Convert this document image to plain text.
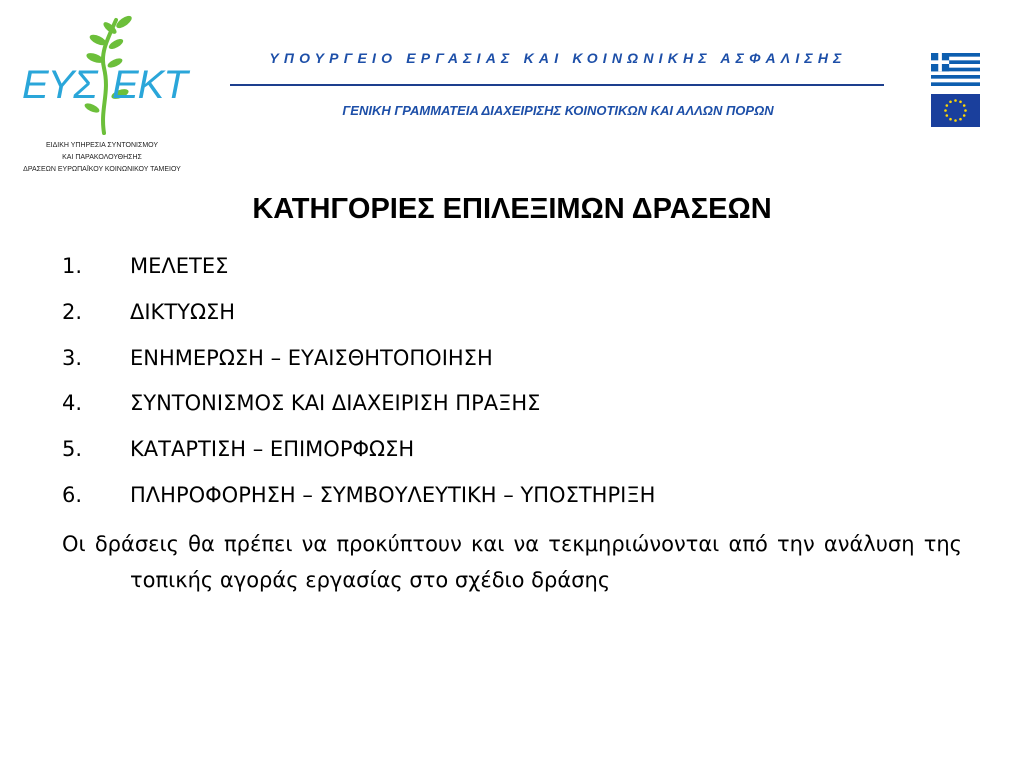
ΕΥΣ ΕΚΤ
ΕΙΔΙΚΗ ΥΠΗΡΕΣΙΑ ΣΥΝΤΟΝΙΣΜΟΥ
ΚΑΙ ΠΑΡΑΚΟΛΟΥΘΗΣΗΣ
ΔΡΑΣΕΩΝ ΕΥΡΩΠΑΪΚΟΥ ΚΟΙΝΩΝΙΚΟΥ ΤΑΜΕΙΟΥ
ΥΠΟΥΡΓΕΙΟ ΕΡΓΑΣΙΑΣ ΚΑΙ ΚΟΙΝΩΝΙΚΗΣ ΑΣΦΑΛΙΣΗΣ
ΓΕΝΙΚΗ ΓΡΑΜΜΑΤΕΙΑ ΔΙΑΧΕΙΡΙΣΗΣ ΚΟΙΝΟΤΙΚΩΝ ΚΑΙ ΑΛΛΩΝ ΠΟΡΩΝ
ΚΑΤΗΓΟΡΙΕΣ ΕΠΙΛΕΞΙΜΩΝ ΔΡΑΣΕΩΝ
1. ΜΕΛΕΤΕΣ
2. ΔΙΚΤΥΩΣΗ
3. ΕΝΗΜΕΡΩΣΗ – ΕΥΑΙΣΘΗΤΟΠΟΙΗΣΗ
4. ΣΥΝΤΟΝΙΣΜΟΣ ΚΑΙ ΔΙΑΧΕΙΡΙΣΗ ΠΡΑΞΗΣ
5. ΚΑΤΑΡΤΙΣΗ – ΕΠΙΜΟΡΦΩΣΗ
6. ΠΛΗΡΟΦΟΡΗΣΗ – ΣΥΜΒΟΥΛΕΥΤΙΚΗ – ΥΠΟΣΤΗΡΙΞΗ
Οι δράσεις θα πρέπει να προκύπτουν και να τεκμηριώνονται από την ανάλυση της τοπικής αγοράς εργασίας στο σχέδιο δράσης
